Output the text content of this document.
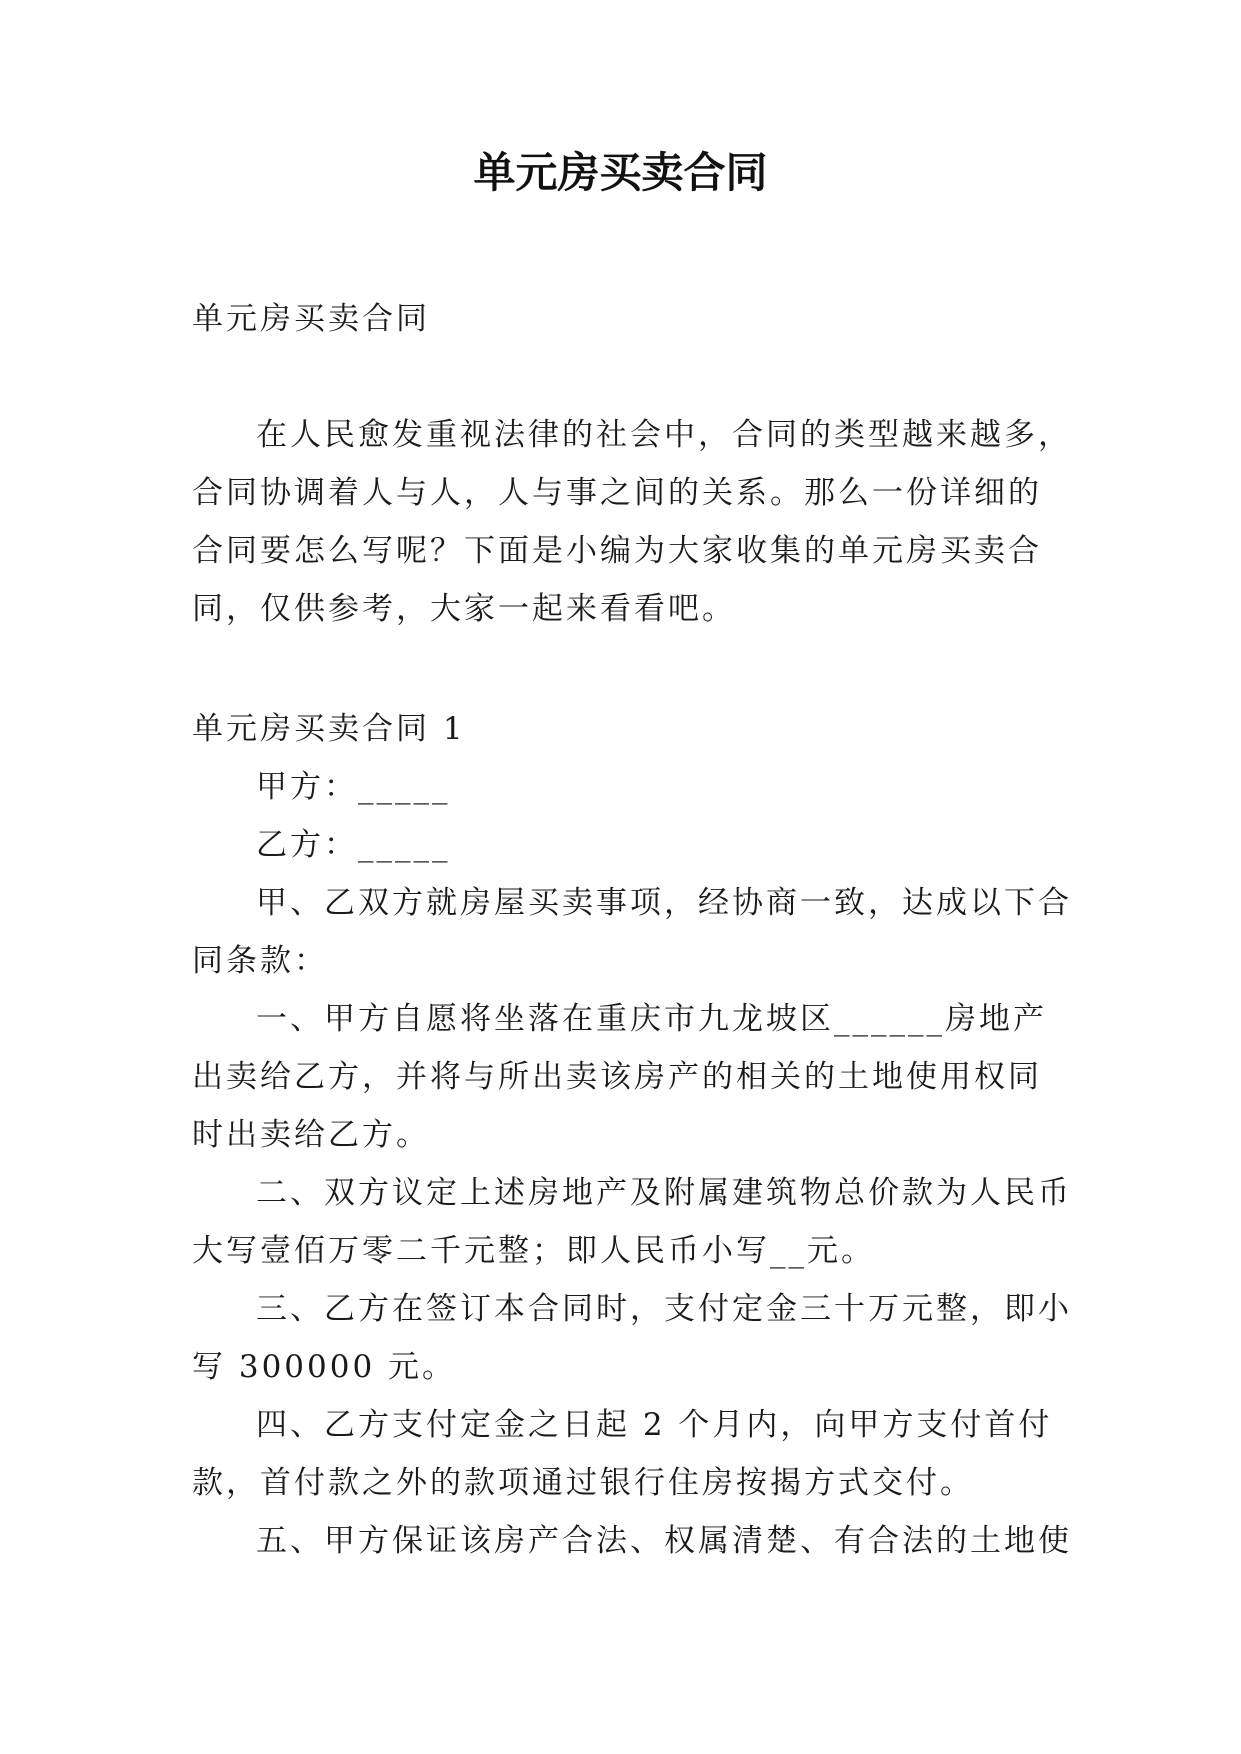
单元房买卖合同

单元房买卖合同

在人民愈发重视法律的社会中，合同的类型越来越多，合同协调着人与人，人与事之间的关系。那么一份详细的合同要怎么写呢？下面是小编为大家收集的单元房买卖合同，仅供参考，大家一起来看看吧。

单元房买卖合同 1

甲方：_____

乙方：_____

甲、乙双方就房屋买卖事项，经协商一致，达成以下合同条款：

一、甲方自愿将坐落在重庆市九龙坡区______房地产出卖给乙方，并将与所出卖该房产的相关的土地使用权同时出卖给乙方。

二、双方议定上述房地产及附属建筑物总价款为人民币大写壹佰万零二千元整；即人民币小写__元。

三、乙方在签订本合同时，支付定金三十万元整，即小写 300000 元。

四、乙方支付定金之日起 2 个月内，向甲方支付首付款，首付款之外的款项通过银行住房按揭方式交付。

五、甲方保证该房产合法、权属清楚、有合法的土地使
